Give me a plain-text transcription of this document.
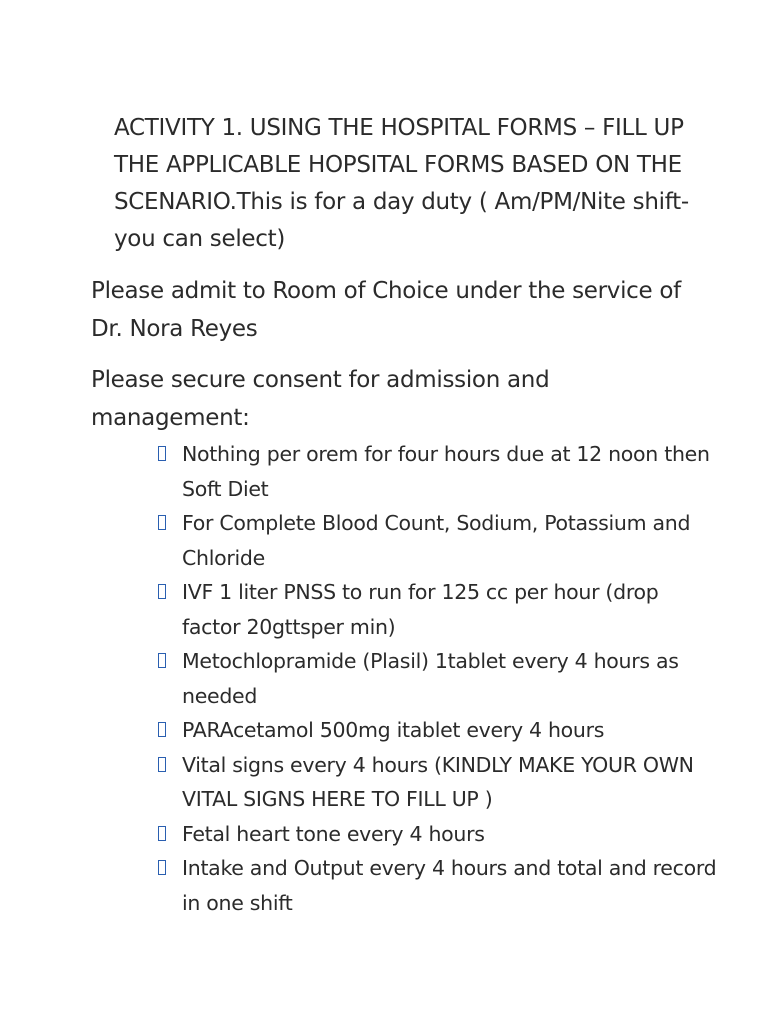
ACTIVITY 1. USING THE HOSPITAL FORMS – FILL UP THE APPLICABLE HOPSITAL FORMS BASED ON THE SCENARIO.This is for a day duty ( Am/PM/Nite shift- you can select)
Please admit to Room of Choice under the service of Dr. Nora Reyes
Please secure consent for admission and management:
Nothing per orem for four hours due at 12 noon then Soft Diet
For Complete Blood Count, Sodium, Potassium and Chloride
IVF 1 liter PNSS to run for 125 cc per hour (drop factor 20gttsper min)
Metochlopramide (Plasil) 1tablet every 4 hours as needed
PARAcetamol 500mg itablet every 4 hours
Vital signs every 4 hours (KINDLY MAKE YOUR OWN VITAL SIGNS HERE TO FILL UP )
Fetal heart tone every 4 hours
Intake and Output every 4 hours and total and record in one shift
